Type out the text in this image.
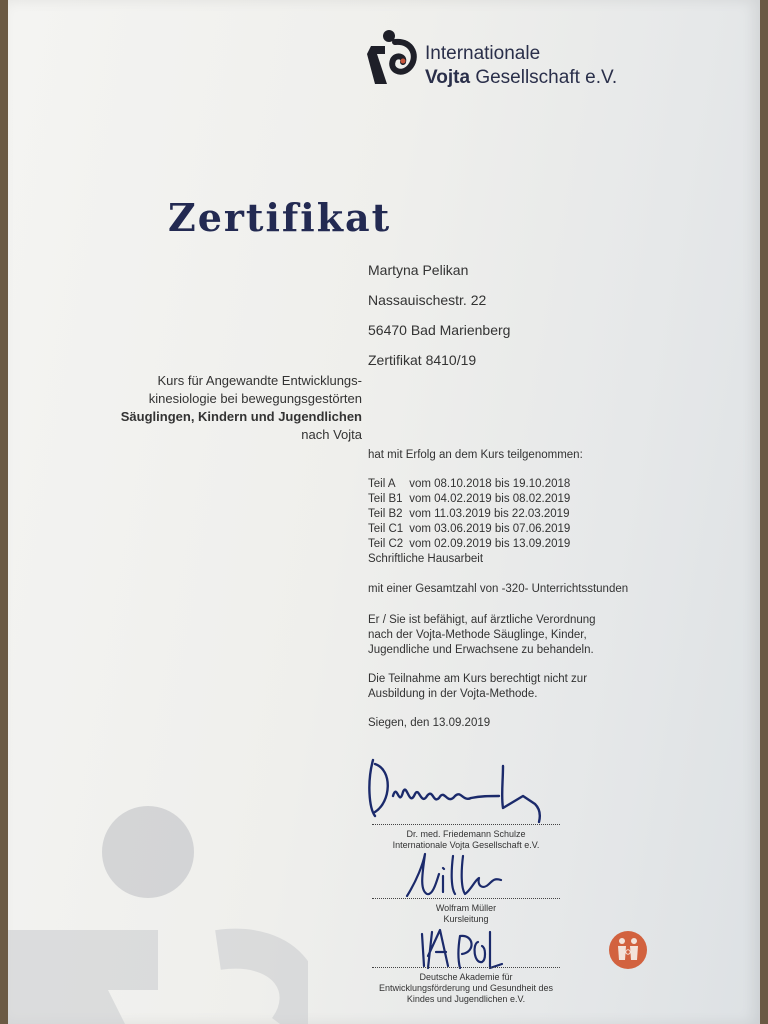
Internationale
Vojta Gesellschaft e.V.
Zertifikat
Martyna Pelikan
Nassauischestr. 22
56470 Bad Marienberg
Zertifikat 8410/19
Kurs für Angewandte Entwicklungs-
kinesiologie bei bewegungsgestörten
Säuglingen, Kindern und Jugendlichen
nach Vojta
hat mit Erfolg an dem Kurs teilgenommen:
Teil A vom 08.10.2018 bis 19.10.2018
Teil B1 vom 04.02.2019 bis 08.02.2019
Teil B2 vom 11.03.2019 bis 22.03.2019
Teil C1 vom 03.06.2019 bis 07.06.2019
Teil C2 vom 02.09.2019 bis 13.09.2019
Schriftliche Hausarbeit
mit einer Gesamtzahl von -320- Unterrichtsstunden
Er / Sie ist befähigt, auf ärztliche Verordnung
nach der Vojta-Methode Säuglinge, Kinder,
Jugendliche und Erwachsene zu behandeln.
Die Teilnahme am Kurs berechtigt nicht zur
Ausbildung in der Vojta-Methode.
Siegen, den 13.09.2019
Dr. med. Friedemann Schulze
Internationale Vojta Gesellschaft e.V.
Wolfram Müller
Kursleitung
Deutsche Akademie für
Entwicklungsförderung und Gesundheit des
Kindes und Jugendlichen e.V.
